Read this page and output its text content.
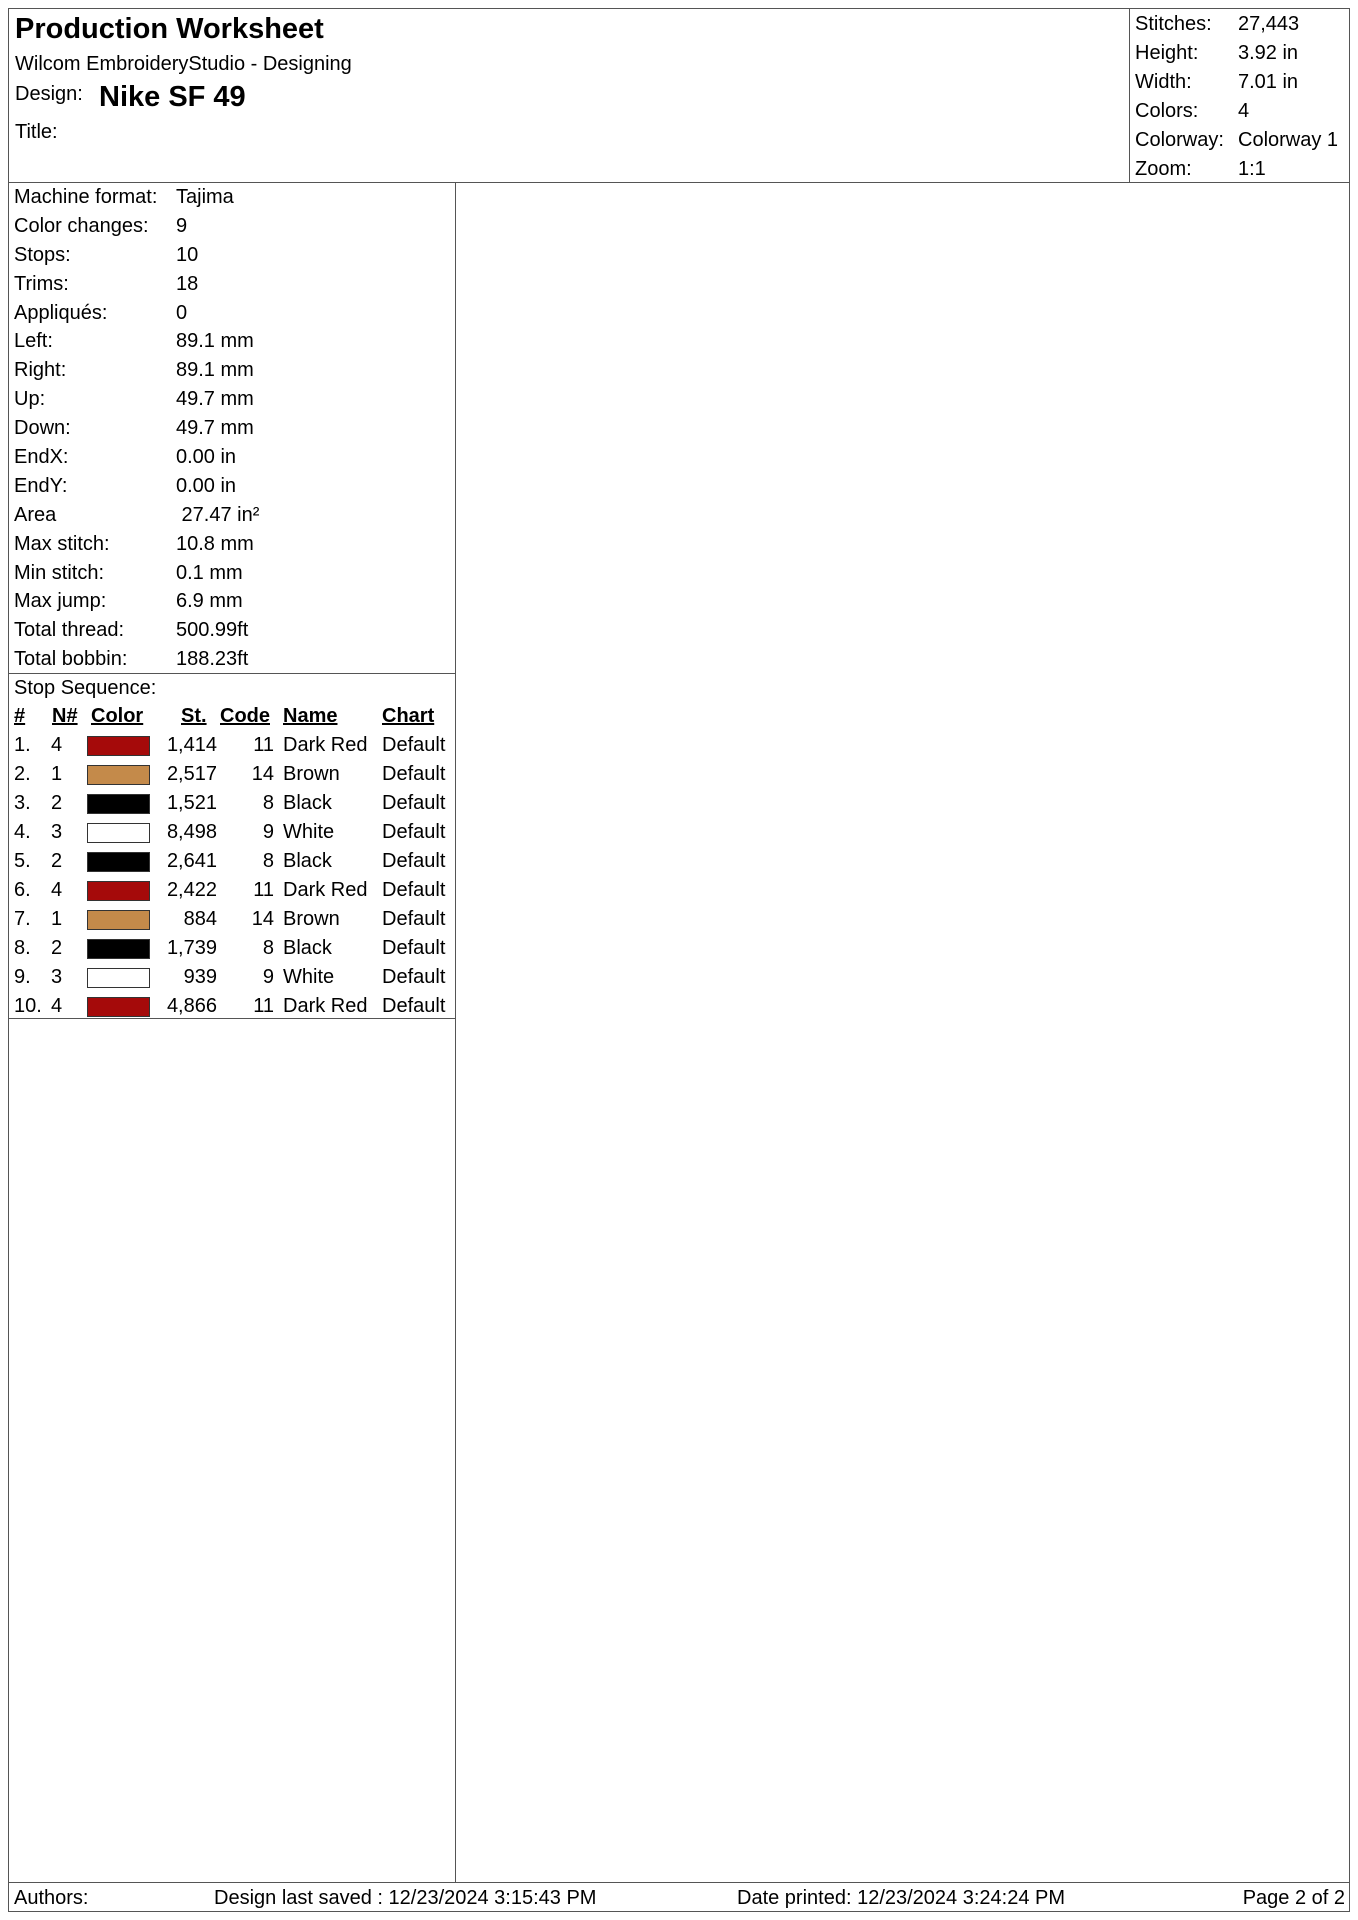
Production Worksheet
Wilcom EmbroideryStudio - Designing
Design: Nike SF 49
Title:
Stitches: 27,443
Height: 3.92 in
Width: 7.01 in
Colors: 4
Colorway: Colorway 1
Zoom: 1:1
Machine format: Tajima
Color changes: 9
Stops:	10
Trims:	18
Appliqués:	0
Left:	89.1 mm
Right:	89.1 mm
Up:	49.7 mm
Down:	49.7 mm
EndX:	0.00 in
EndY:	0.00 in
Area	27.47 in²
Max stitch:	10.8 mm
Min stitch:	0.1 mm
Max jump:	6.9 mm
Total thread:	500.99ft
Total bobbin: 188.23ft
Stop Sequence:
# N# Color St. Code Name Chart
1. 4	1,414	11 Dark Red Default
2. 1	2,517	14 Brown Default
3. 2	1,521	8 Black	Default
4. 3	8,498	9 White Default
5. 2	2,641	8 Black	Default
6. 4	2,422	11 Dark Red Default
7. 1	884	14 Brown Default
8. 2	1,739	8 Black	Default
9. 3	939	9 White Default
10. 4	4,866	11 Dark Red Default
Authors:	Design last saved : 12/23/2024 3:15:43 PM	Date printed: 12/23/2024 3:24:24 PM	Page 2 of 2
